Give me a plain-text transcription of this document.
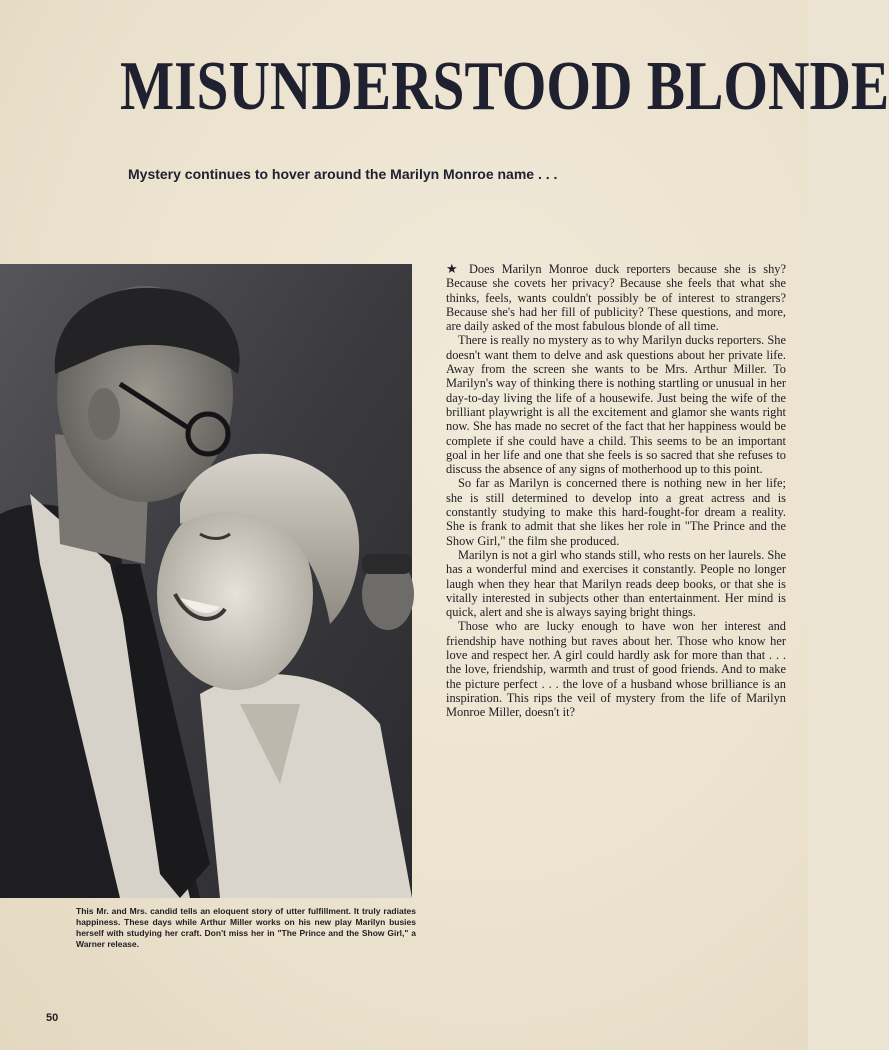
MISUNDERSTOOD BLONDE
Mystery continues to hover around the Marilyn Monroe name . . .
This Mr. and Mrs. candid tells an eloquent story of utter fulfillment. It truly radiates happiness. These days while Arthur Miller works on his new play Marilyn busies herself with studying her craft. Don't miss her in "The Prince and the Show Girl," a Warner release.

★ Does Marilyn Monroe duck reporters because she is shy? Because she covets her privacy? Because she feels that what she thinks, feels, wants couldn't possibly be of interest to strangers? Because she's had her fill of publicity? These questions, and more, are daily asked of the most fabulous blonde of all time.

There is really no mystery as to why Marilyn ducks reporters. She doesn't want them to delve and ask questions about her private life. Away from the screen she wants to be Mrs. Arthur Miller. To Marilyn's way of thinking there is nothing startling or unusual in her day-to-day living the life of a housewife. Just being the wife of the brilliant playwright is all the excitement and glamor she wants right now. She has made no secret of the fact that her happiness would be complete if she could have a child. This seems to be an important goal in her life and one that she feels is so sacred that she refuses to discuss the absence of any signs of motherhood up to this point.

So far as Marilyn is concerned there is nothing new in her life; she is still determined to develop into a great actress and is constantly studying to make this hard-fought-for dream a reality. She is frank to admit that she likes her role in "The Prince and the Show Girl," the film she produced.

Marilyn is not a girl who stands still, who rests on her laurels. She has a wonderful mind and exercises it constantly. People no longer laugh when they hear that Marilyn reads deep books, or that she is vitally interested in subjects other than entertainment. Her mind is quick, alert and she is always saying bright things.

Those who are lucky enough to have won her interest and friendship have nothing but raves about her. Those who know her love and respect her. A girl could hardly ask for more than that . . . the love, friendship, warmth and trust of good friends. And to make the picture perfect . . . the love of a husband whose brilliance is an inspiration. This rips the veil of mystery from the life of Marilyn Monroe Miller, doesn't it?

50
